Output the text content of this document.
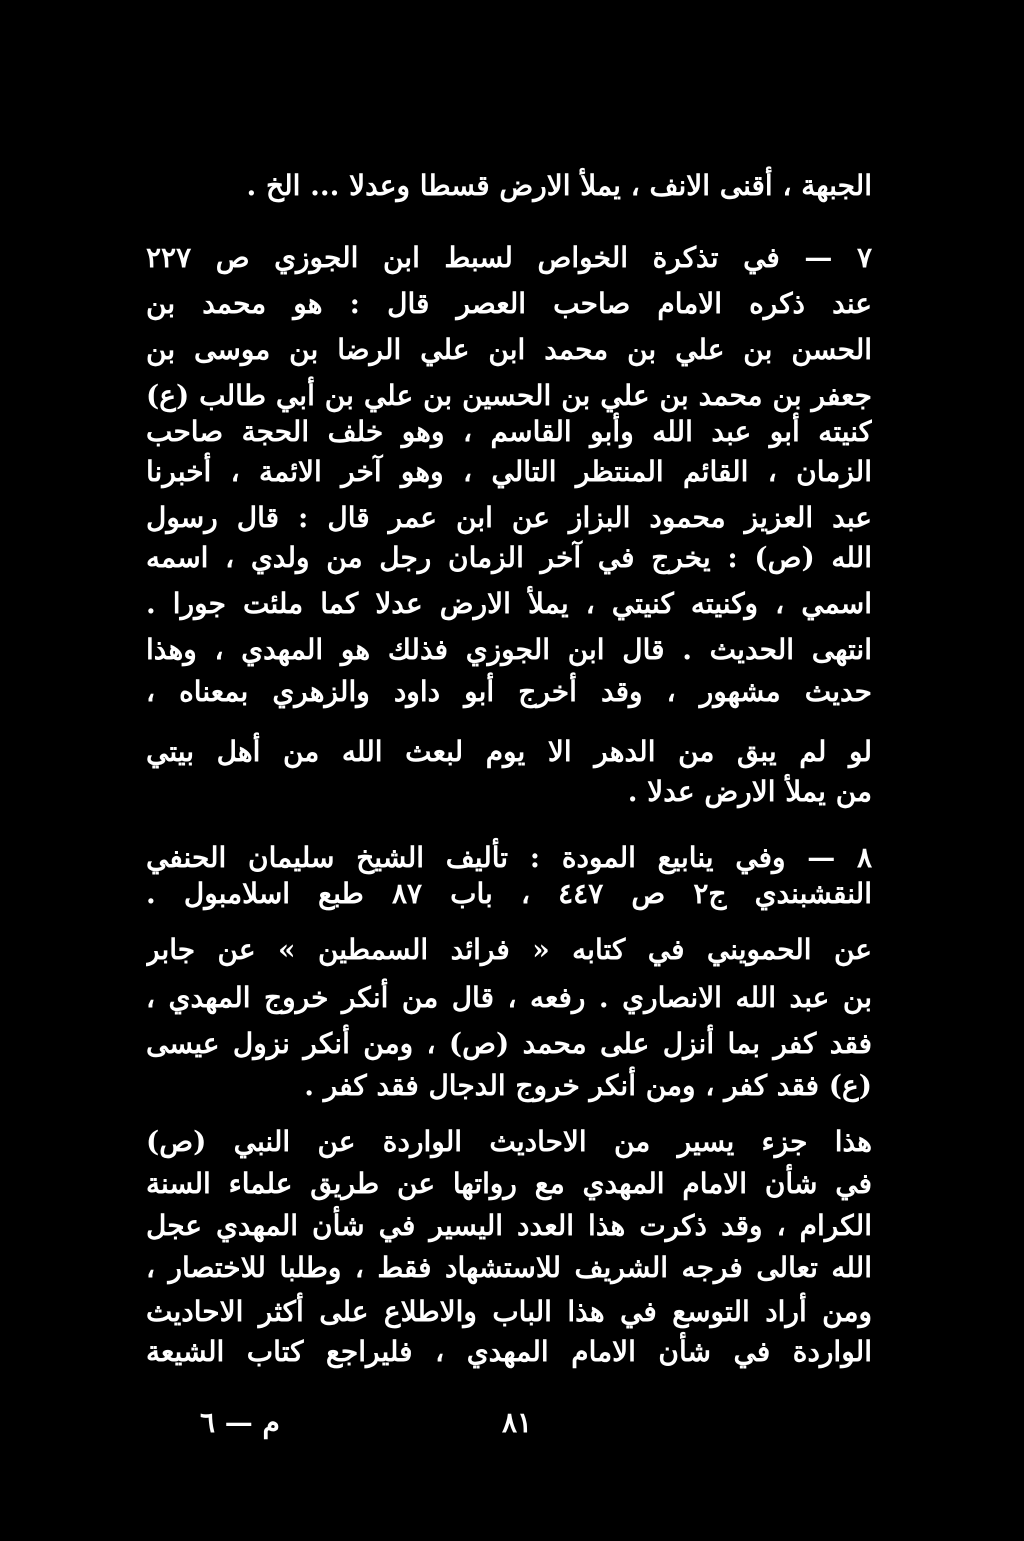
الجبهة ، أقنى الانف ، يملأ الارض قسطا وعدلا ... الخ .
٧ — في تذكرة الخواص لسبط ابن الجوزي ص ٢٢٧
عند ذكره الامام صاحب العصر قال : هو محمد بن
الحسن بن علي بن محمد ابن علي الرضا بن موسى بن
جعفر بن محمد بن علي بن الحسين بن علي بن أبي طالب (ع)
كنيته أبو عبد الله وأبو القاسم ، وهو خلف الحجة صاحب
الزمان ، القائم المنتظر التالي ، وهو آخر الائمة ، أخبرنا
عبد العزيز محمود البزاز عن ابن عمر قال : قال رسول
الله (ص) : يخرج في آخر الزمان رجل من ولدي ، اسمه
اسمي ، وكنيته كنيتي ، يملأ الارض عدلا كما ملئت جورا .
انتهى الحديث . قال ابن الجوزي فذلك هو المهدي ، وهذا
حديث مشهور ، وقد أخرج أبو داود والزهري بمعناه ،
لو لم يبق من الدهر الا يوم لبعث الله من أهل بيتي
من يملأ الارض عدلا .
٨ — وفي ينابيع المودة : تأليف الشيخ سليمان الحنفي
النقشبندي ج٢ ص ٤٤٧ ، باب ٨٧ طبع اسلامبول .
عن الحمويني في كتابه « فرائد السمطين » عن جابر
بن عبد الله الانصاري . رفعه ، قال من أنكر خروج المهدي ،
فقد كفر بما أنزل على محمد (ص) ، ومن أنكر نزول عيسى
(ع) فقد كفر ، ومن أنكر خروج الدجال فقد كفر .
هذا جزء يسير من الاحاديث الواردة عن النبي (ص)
في شأن الامام المهدي مع رواتها عن طريق علماء السنة
الكرام ، وقد ذكرت هذا العدد اليسير في شأن المهدي عجل
الله تعالى فرجه الشريف للاستشهاد فقط ، وطلبا للاختصار ،
ومن أراد التوسع في هذا الباب والاطلاع على أكثر الاحاديث
الواردة في شأن الامام المهدي ، فليراجع كتاب الشيعة
٨١
م — ٦
